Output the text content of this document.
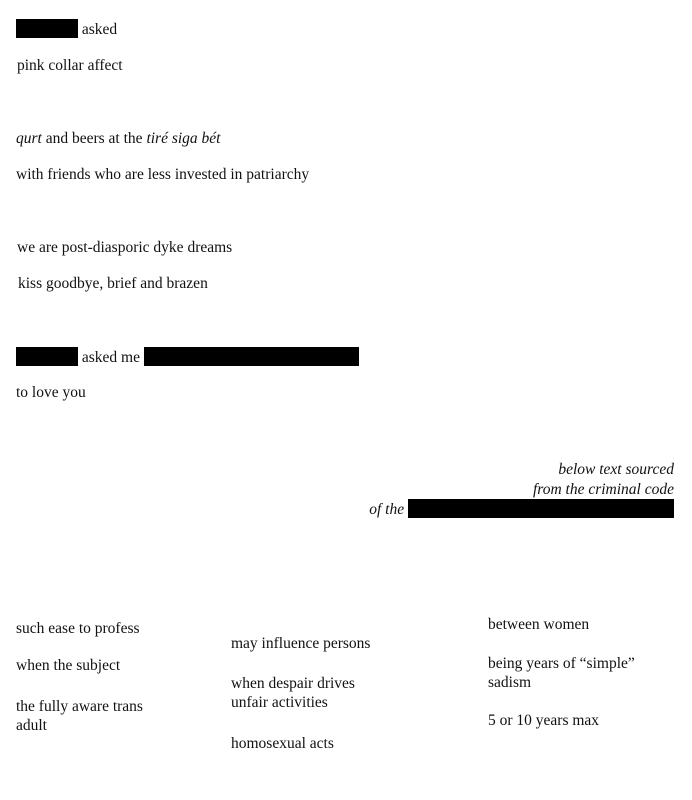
asked
pink collar affect
qurt and beers at the tiré siga bét
with friends who are less invested in patriarchy
we are post-diasporic dyke dreams
kiss goodbye, brief and brazen
asked me
to love you
below text sourced
from the criminal code
of the
such ease to profess
when the subject
the fully aware trans
adult
may influence persons
when despair drives
unfair activities
homosexual acts
between women
being years of “simple”
sadism
5 or 10 years max
